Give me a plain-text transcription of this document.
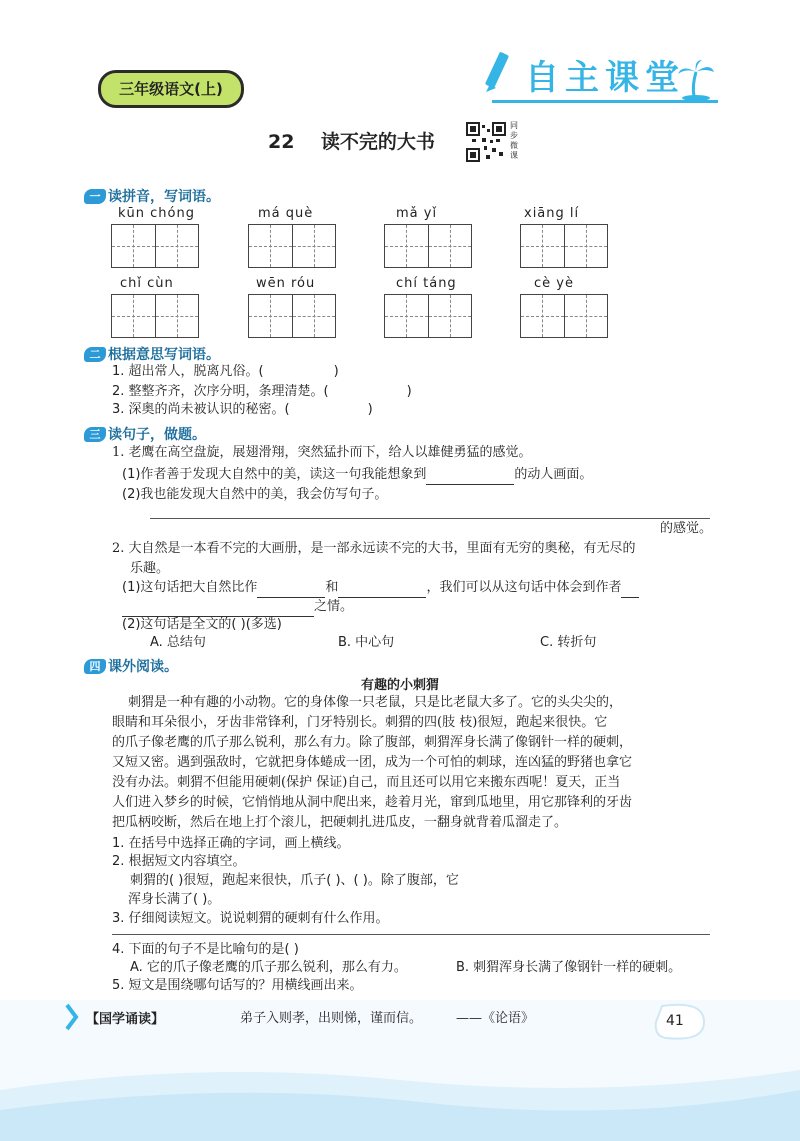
三年级语文(上)	自主课堂
22 读不完的大书
同步微课
一 读拼音，写词语。
kūn chóng	má què	mǎ yǐ	xiāng lí
chǐ cùn	wēn róu	chí táng	cè yè
二 根据意思写词语。
1. 超出常人，脱离凡俗。(	)
2. 整整齐齐，次序分明，条理清楚。(	)
3. 深奥的尚未被认识的秘密。(	)
三 读句子，做题。
1. 老鹰在高空盘旋，展翅滑翔，突然猛扑而下，给人以雄健勇猛的感觉。
(1)作者善于发现大自然中的美，读这一句我能想象到	的动人画面。
(2)我也能发现大自然中的美，我会仿写句子。
的感觉。
2. 大自然是一本看不完的大画册，是一部永远读不完的大书，里面有无穷的奥秘，有无尽的
乐趣。
(1)这句话把大自然比作	和	，我们可以从这句话中体会到作者
之情。
(2)这句话是全文的( )(多选)
A. 总结句	B. 中心句	C. 转折句
四 课外阅读。
有趣的小刺猬
刺猬是一种有趣的小动物。它的身体像一只老鼠，只是比老鼠大多了。它的头尖尖的，
眼睛和耳朵很小，牙齿非常锋利，门牙特别长。刺猬的四(肢 枝)很短，跑起来很快。它
的爪子像老鹰的爪子那么锐利，那么有力。除了腹部，刺猬浑身长满了像钢针一样的硬刺，
又短又密。遇到强敌时，它就把身体蜷成一团，成为一个可怕的刺球，连凶猛的野猪也拿它
没有办法。刺猬不但能用硬刺(保护 保证)自己，而且还可以用它来搬东西呢！夏天，正当
人们进入梦乡的时候，它悄悄地从洞中爬出来，趁着月光，窜到瓜地里，用它那锋利的牙齿
把瓜柄咬断，然后在地上打个滚儿，把硬刺扎进瓜皮，一翻身就背着瓜溜走了。
1. 在括号中选择正确的字词，画上横线。
2. 根据短文内容填空。
刺猬的( )很短，跑起来很快，爪子( )、( )。除了腹部，它
浑身长满了( )。
3. 仔细阅读短文。说说刺猬的硬刺有什么作用。
4. 下面的句子不是比喻句的是( )
A. 它的爪子像老鹰的爪子那么锐利，那么有力。	B. 刺猬浑身长满了像钢针一样的硬刺。
5. 短文是围绕哪句话写的？用横线画出来。
【国学诵读】	弟子入则孝，出则悌，谨而信。	——《论语》	41
